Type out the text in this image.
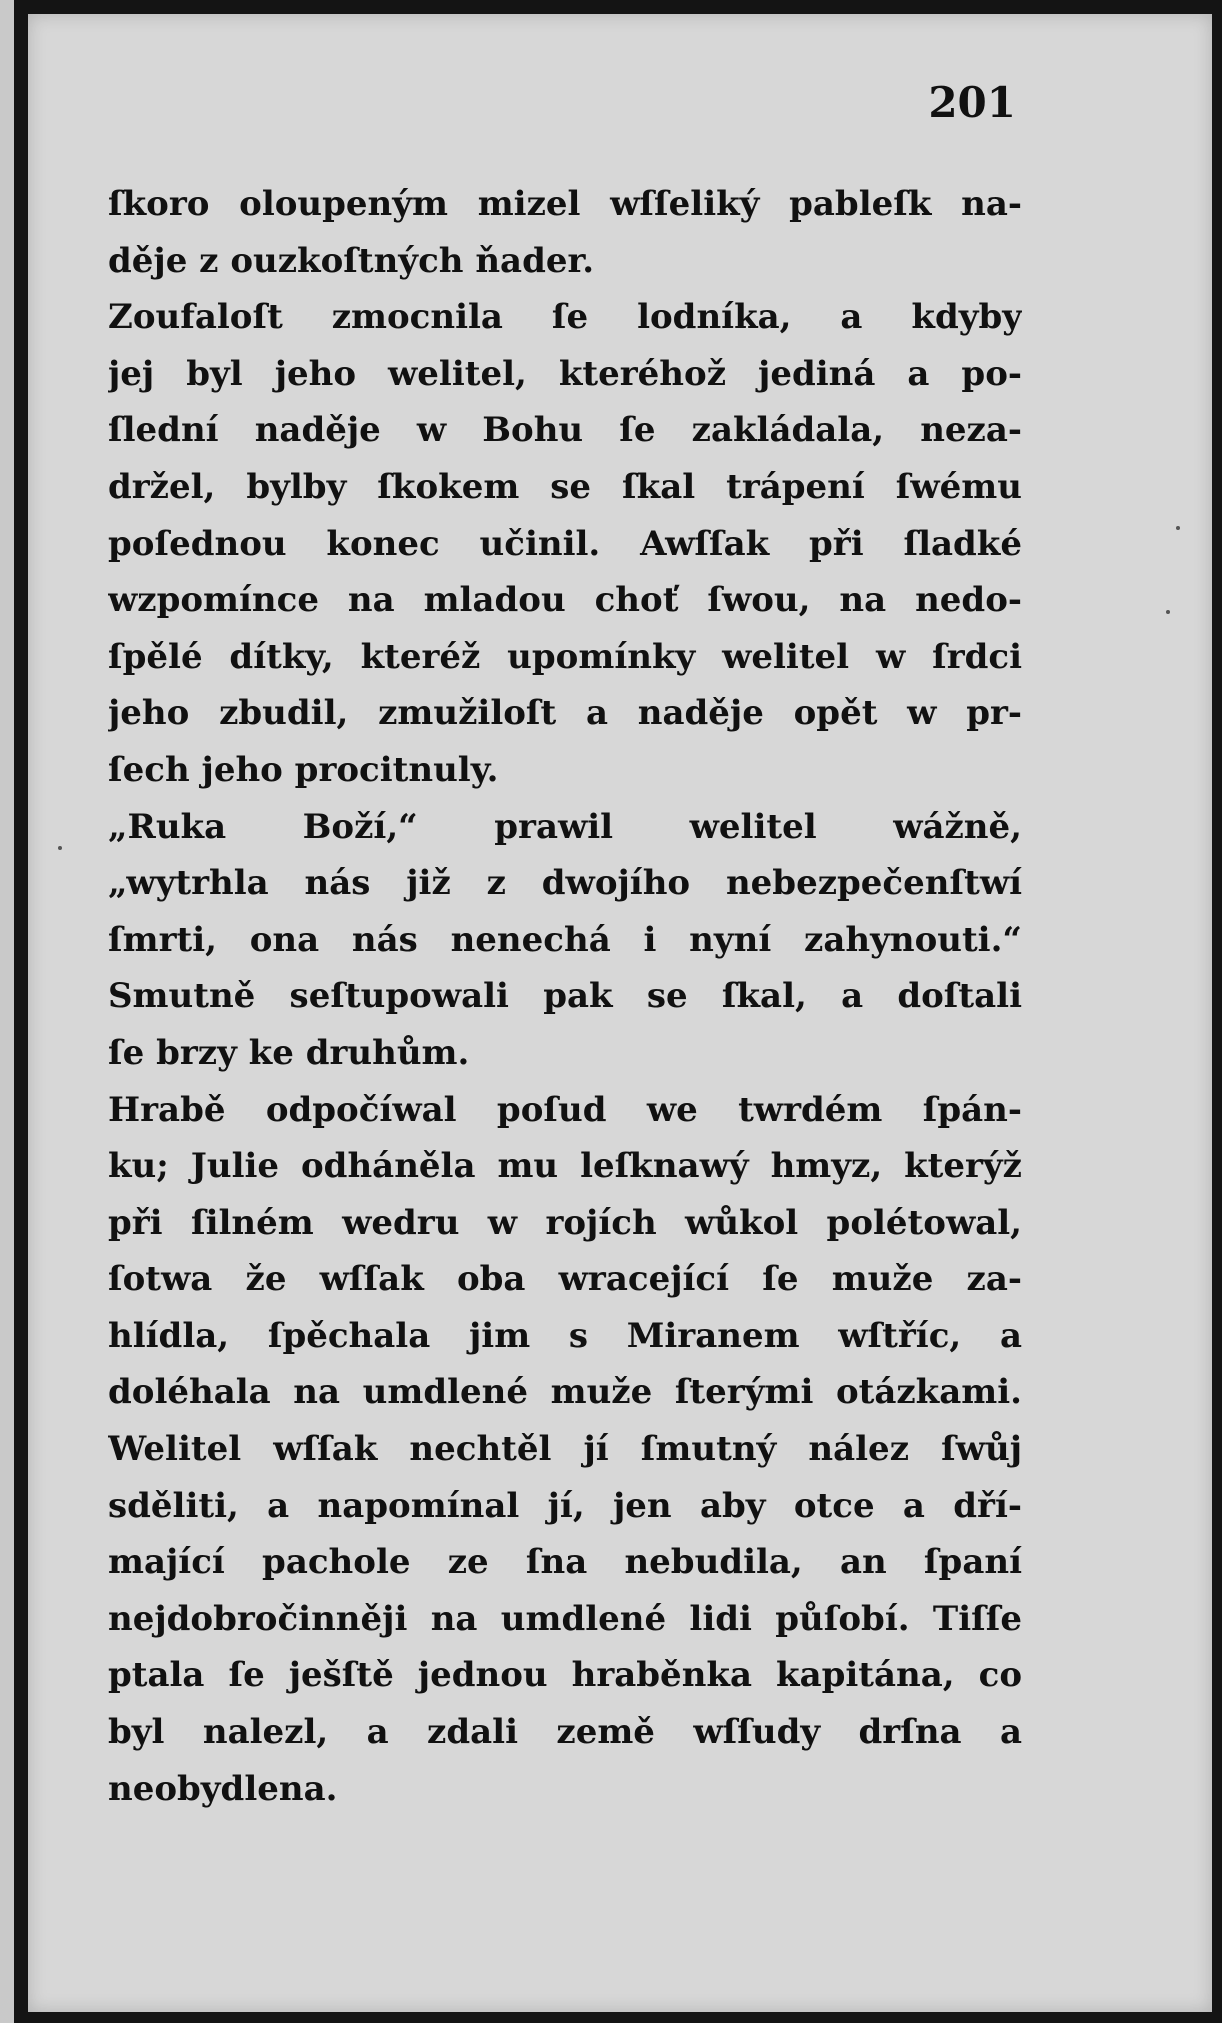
201
ſkoro oloupeným mizel wſſeliký pableſk na-
děje z ouzkoſtných ňader.
Zoufaloſt zmocnila ſe lodníka, a kdyby
jej byl jeho welitel, kteréhož jediná a po-
ſlední naděje w Bohu ſe zakládala, neza-
držel, bylby ſkokem se ſkal trápení ſwému
poſednou konec učinil. Awſſak při ſladké
wzpomínce na mladou choť ſwou, na nedo-
ſpělé dítky, kteréž upomínky welitel w ſrdci
jeho zbudil, zmužiloſt a naděje opět w pr-
ſech jeho procitnuly.
„Ruka Boží,“ prawil welitel wážně,
„wytrhla nás již z dwojího nebezpečenſtwí
ſmrti, ona nás nenechá i nyní zahynouti.“
Smutně seſtupowali pak se ſkal, a doſtali
ſe brzy ke druhům.
Hrabě odpočíwal poſud we twrdém ſpán-
ku; Julie odháněla mu leſknawý hmyz, kterýž
při ſilném wedru w rojích wůkol polétowal,
ſotwa že wſſak oba wracející ſe muže za-
hlídla, ſpěchala jim s Miranem wſtříc, a
doléhala na umdlené muže ſterými otázkami.
Welitel wſſak nechtěl jí ſmutný nález ſwůj
sděliti, a napomínal jí, jen aby otce a dří-
mající pachole ze ſna nebudila, an ſpaní
nejdobročinněji na umdlené lidi půſobí. Tiſſe
ptala ſe ješſtě jednou hraběnka kapitána, co
byl nalezl, a zdali země wſſudy drſna a
neobydlena.
